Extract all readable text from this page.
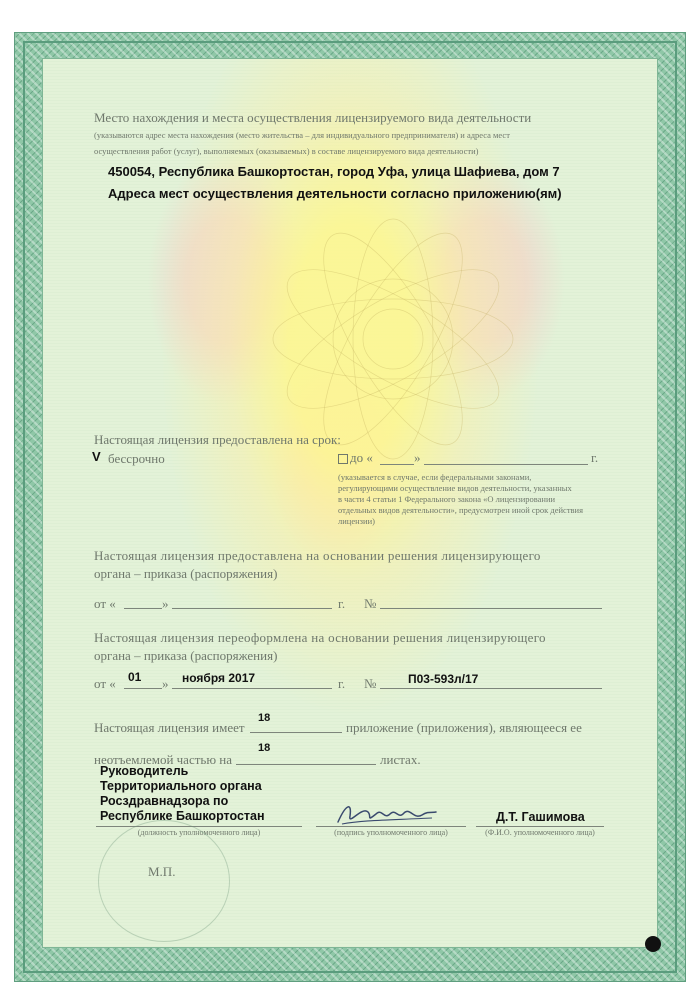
Место нахождения и места осуществления лицензируемого вида деятельности
(указываются адрес места нахождения (место жительства – для индивидуального предпринимателя) и адреса мест
осуществления работ (услуг), выполняемых (оказываемых) в составе лицензируемого вида деятельности)
450054, Республика Башкортостан, город Уфа, улица Шафиева, дом 7
Адреса мест осуществления деятельности согласно приложению(ям)
Настоящая лицензия предоставлена на срок:
V бессрочно	до «	»	г.
(указывается в случае, если федеральными законами,
регулирующими осуществление видов деятельности, указанных
в части 4 статьи 1 Федерального закона «О лицензировании
отдельных видов деятельности», предусмотрен иной срок действия
лицензии)
Настоящая лицензия предоставлена на основании решения лицензирующего
органа – приказа (распоряжения)
от «	»	г. №
Настоящая лицензия переоформлена на основании решения лицензирующего
органа – приказа (распоряжения)
от « 01 » ноября 2017	г. №	П03-593л/17
Настоящая лицензия имеет
18
приложение (приложения), являющееся ее
неотъемлемой частью на
18
листах.
Руководитель
Территориального органа
Росздравнадзора по
Республике Башкортостан
(должность уполномоченного лица)	(подпись уполномоченного лица)
Д.Т. Гашимова
(Ф.И.О. уполномоченного лица)
М.П.
